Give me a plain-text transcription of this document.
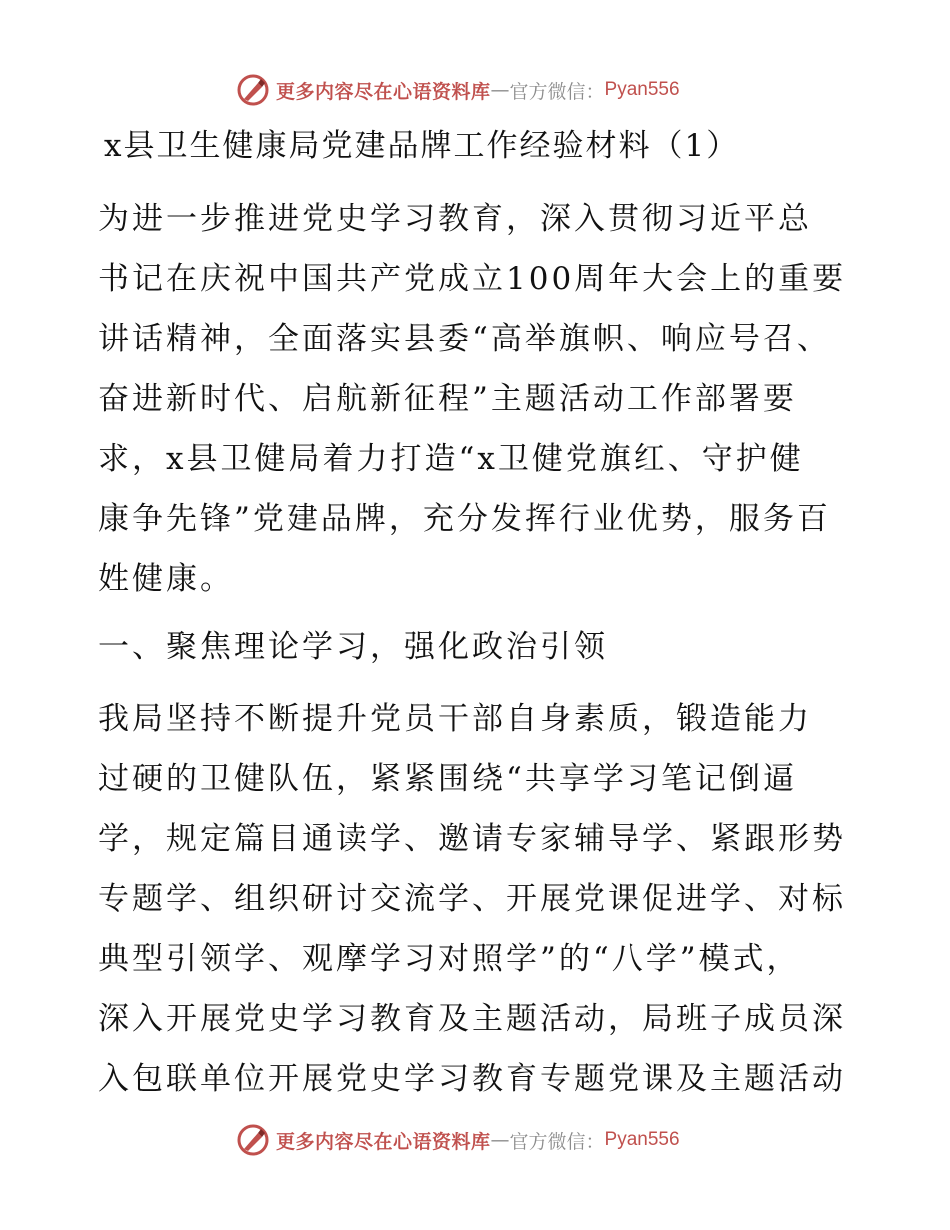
更多内容尽在心语资料库 — 官方微信： Pyan556
x县卫生健康局党建品牌工作经验材料（1）
为进一步推进党史学习教育，深入贯彻习近平总
书记在庆祝中国共产党成立100周年大会上的重要
讲话精神，全面落实县委“高举旗帜、响应号召、
奋进新时代、启航新征程”主题活动工作部署要
求，x县卫健局着力打造“x卫健党旗红、守护健
康争先锋”党建品牌，充分发挥行业优势，服务百
姓健康。
一、聚焦理论学习，强化政治引领
我局坚持不断提升党员干部自身素质，锻造能力
过硬的卫健队伍，紧紧围绕“共享学习笔记倒逼
学，规定篇目通读学、邀请专家辅导学、紧跟形势
专题学、组织研讨交流学、开展党课促进学、对标
典型引领学、观摩学习对照学”的“八学”模式，
深入开展党史学习教育及主题活动，局班子成员深
入包联单位开展党史学习教育专题党课及主题活动
更多内容尽在心语资料库 — 官方微信： Pyan556
